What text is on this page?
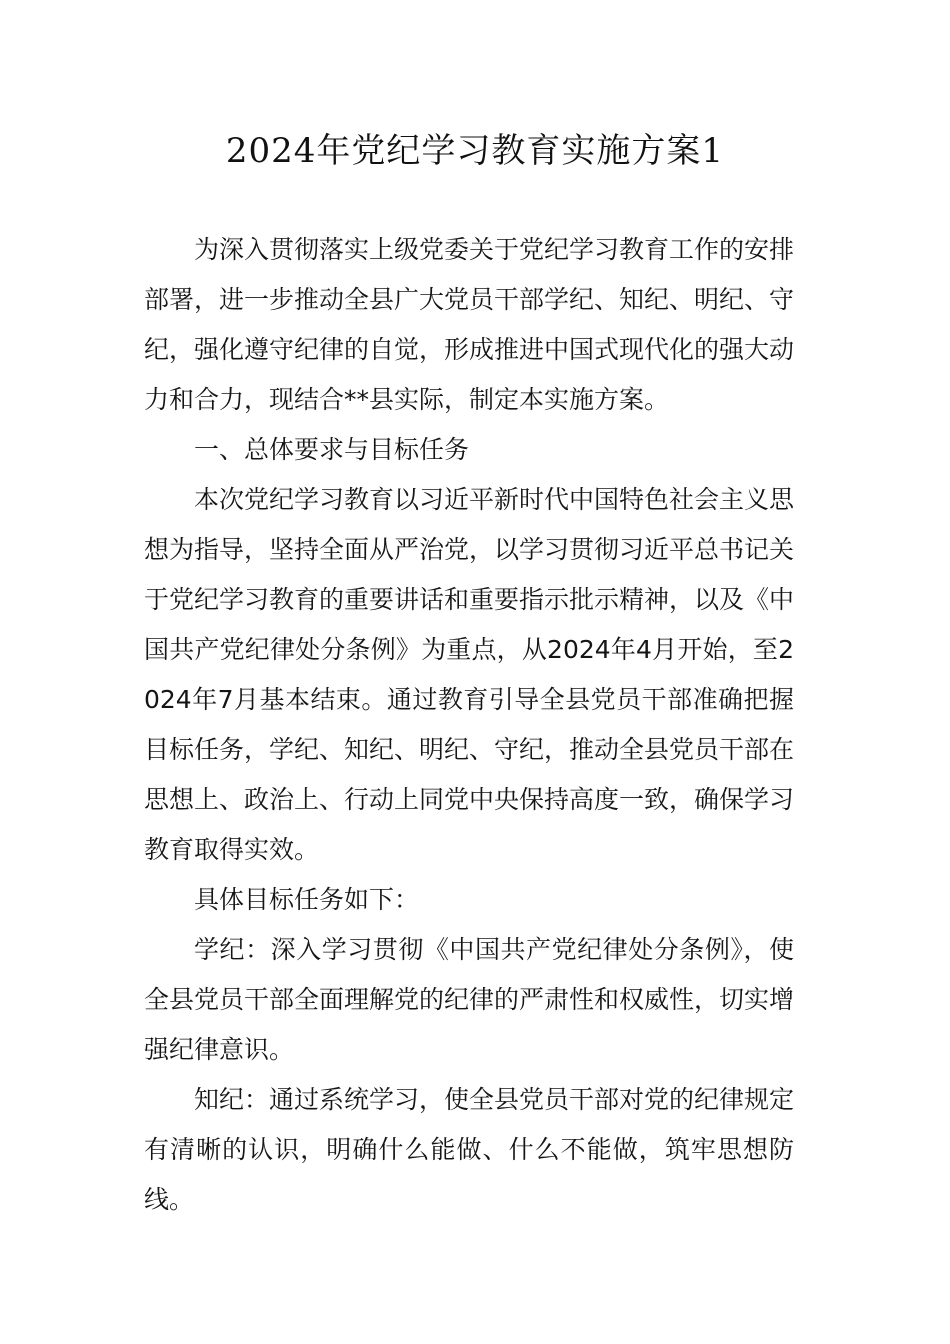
2024年党纪学习教育实施方案1

为深入贯彻落实上级党委关于党纪学习教育工作的安排部署，进一步推动全县广大党员干部学纪、知纪、明纪、守纪，强化遵守纪律的自觉，形成推进中国式现代化的强大动力和合力，现结合**县实际，制定本实施方案。

一、总体要求与目标任务

本次党纪学习教育以习近平新时代中国特色社会主义思想为指导，坚持全面从严治党，以学习贯彻习近平总书记关于党纪学习教育的重要讲话和重要指示批示精神，以及《中国共产党纪律处分条例》为重点，从2024年4月开始，至2024年7月基本结束。通过教育引导全县党员干部准确把握目标任务，学纪、知纪、明纪、守纪，推动全县党员干部在思想上、政治上、行动上同党中央保持高度一致，确保学习教育取得实效。

具体目标任务如下：

学纪：深入学习贯彻《中国共产党纪律处分条例》，使全县党员干部全面理解党的纪律的严肃性和权威性，切实增强纪律意识。

知纪：通过系统学习，使全县党员干部对党的纪律规定有清晰的认识，明确什么能做、什么不能做，筑牢思想防线。
